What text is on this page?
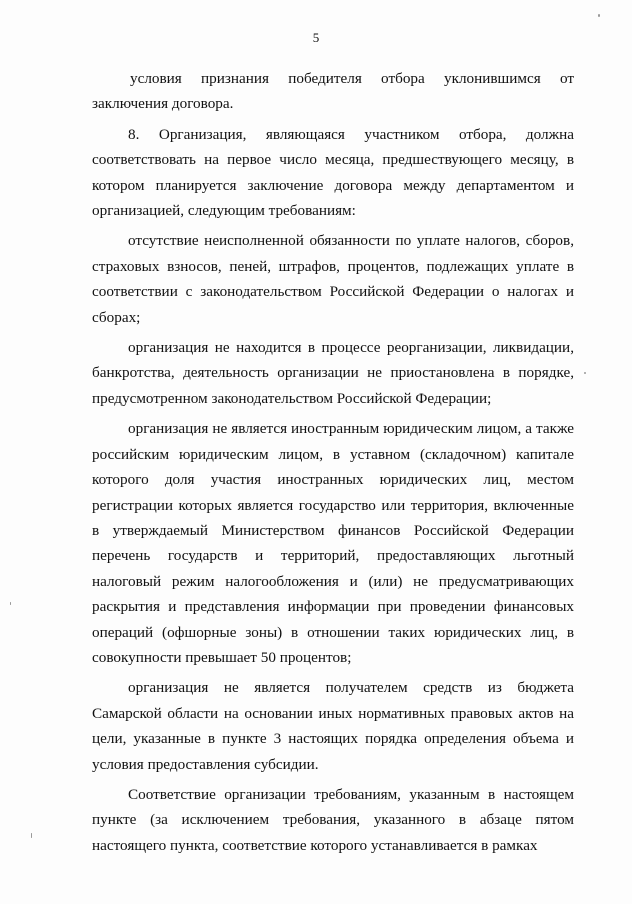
5

условия признания победителя отбора уклонившимся от заключения договора.

8. Организация, являющаяся участником отбора, должна соответствовать на первое число месяца, предшествующего месяцу, в котором планируется заключение договора между департаментом и организацией, следующим требованиям:

отсутствие неисполненной обязанности по уплате налогов, сборов, страховых взносов, пеней, штрафов, процентов, подлежащих уплате в соответствии с законодательством Российской Федерации о налогах и сборах;

организация не находится в процессе реорганизации, ликвидации, банкротства, деятельность организации не приостановлена в порядке, предусмотренном законодательством Российской Федерации;

организация не является иностранным юридическим лицом, а также российским юридическим лицом, в уставном (складочном) капитале которого доля участия иностранных юридических лиц, местом регистрации которых является государство или территория, включенные в утверждаемый Министерством финансов Российской Федерации перечень государств и территорий, предоставляющих льготный налоговый режим налогообложения и (или) не предусматривающих раскрытия и представления информации при проведении финансовых операций (офшорные зоны) в отношении таких юридических лиц, в совокупности превышает 50 процентов;

организация не является получателем средств из бюджета Самарской области на основании иных нормативных правовых актов на цели, указанные в пункте 3 настоящих порядка определения объема и условия предоставления субсидии.

Соответствие организации требованиям, указанным в настоящем пункте (за исключением требования, указанного в абзаце пятом настоящего пункта, соответствие которого устанавливается в рамках
